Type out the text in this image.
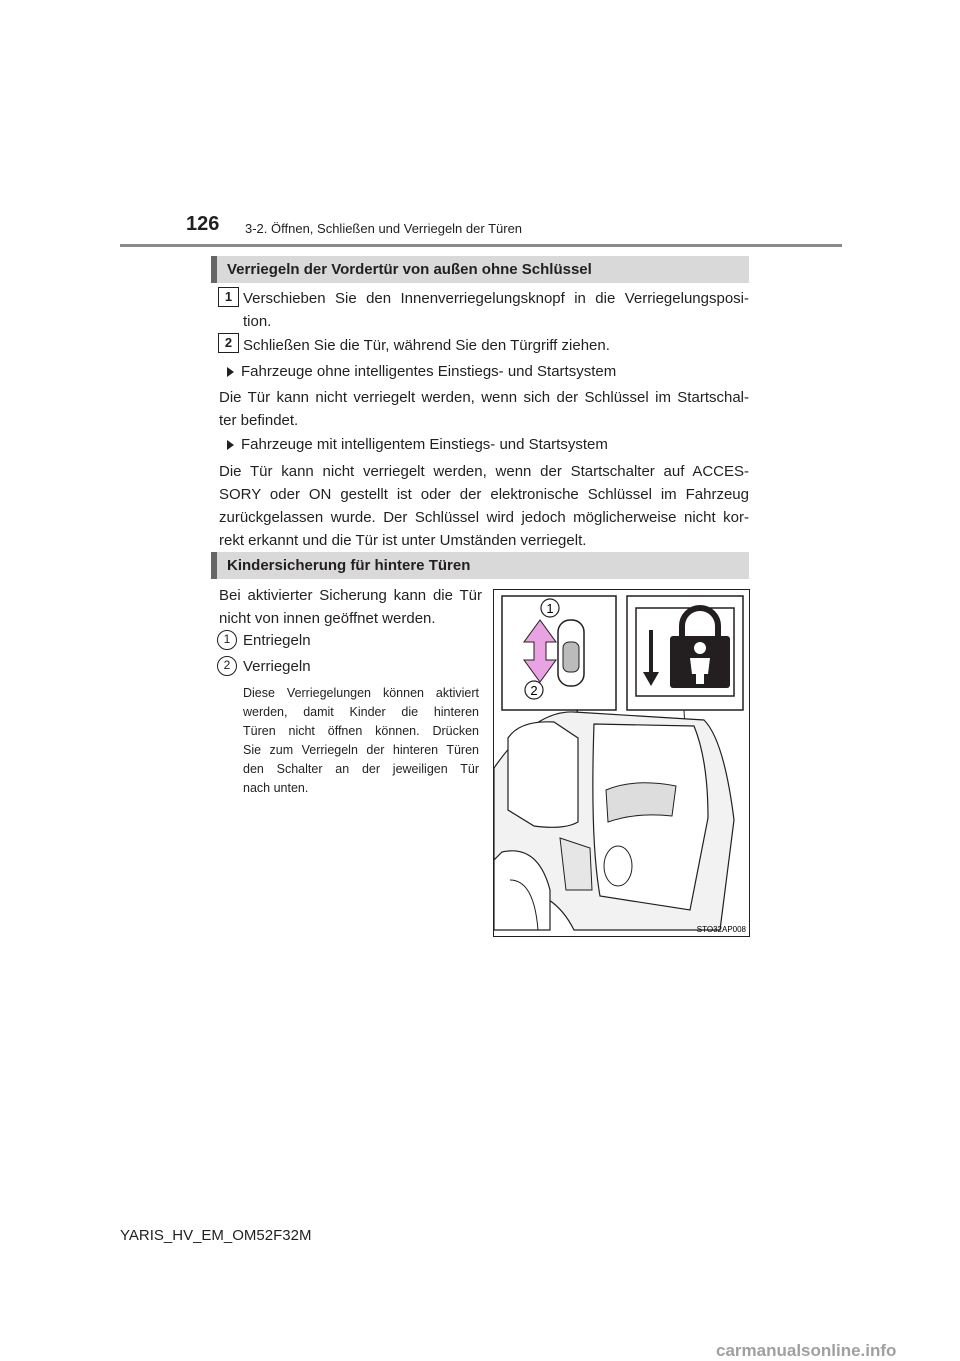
126 3-2. Öffnen, Schließen und Verriegeln der Türen
Verriegeln der Vordertür von außen ohne Schlüssel
1 Verschieben Sie den Innenverriegelungsknopf in die Verriegelungsposi-
tion.
2 Schließen Sie die Tür, während Sie den Türgriff ziehen.
Fahrzeuge ohne intelligentes Einstiegs- und Startsystem
Die Tür kann nicht verriegelt werden, wenn sich der Schlüssel im Startschal-
ter befindet.
Fahrzeuge mit intelligentem Einstiegs- und Startsystem
Die Tür kann nicht verriegelt werden, wenn der Startschalter auf ACCES-
SORY oder ON gestellt ist oder der elektronische Schlüssel im Fahrzeug
zurückgelassen wurde. Der Schlüssel wird jedoch möglicherweise nicht kor-
rekt erkannt und die Tür ist unter Umständen verriegelt.
Kindersicherung für hintere Türen
Bei aktivierter Sicherung kann die Tür
nicht von innen geöffnet werden.
1 Entriegeln
2 Verriegeln
Diese Verriegelungen können aktiviert
werden, damit Kinder die hinteren
Türen nicht öffnen können. Drücken
Sie zum Verriegeln der hinteren Türen
den Schalter an der jeweiligen Tür
nach unten.
1
2
STO32AP008
YARIS_HV_EM_OM52F32M
carmanualsonline.info
